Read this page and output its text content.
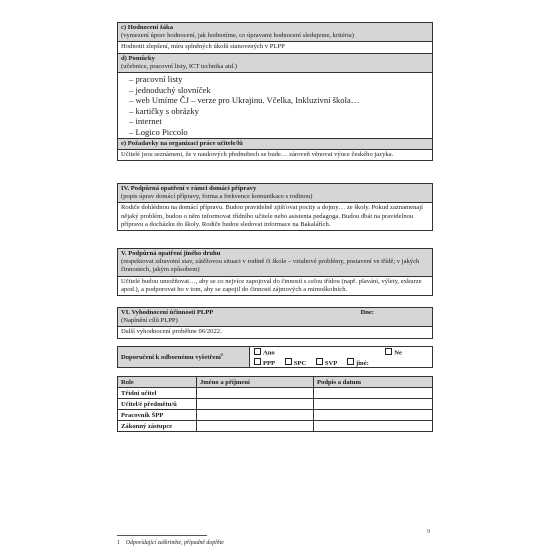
c) Hodnocení žáka
(vymezení úprav hodnocení, jak hodnotíme, co úpravami hodnocení sledujeme, kritéria)
Hodnotit zlepšení, míru splněných úkolů stanovených v PLPP
d) Pomůcky
(učebnice, pracovní listy, ICT technika atd.)
– pracovní listy
– jednoduchý slovníček
– web Umíme ČJ – verze pro Ukrajinu. Včelka, Inkluzivní škola…
– kartičky s obrázky
– internet
– Logico Piccolo
e) Požadavky na organizaci práce učitele/lů
Učitelé jsou seznámeni, že v naukových předmětech se bude… zároveň věnovat výuce českého jazyka.
IV. Podpůrná opatření v rámci domácí přípravy
(popis úprav domácí přípravy, forma a frekvence komunikace s rodinou)
Rodiče dohlédnou na domácí přípravu. Budou pravidelně zjišťovat pocity a dojmy… ze školy. Pokud zaznamenají nějaký problém, budou o něm informovat třídního učitele nebo asistenta pedagoga. Budou dbát na pravidelnou přípravu a docházku do školy. Rodiče budou sledovat informace na Bakalářích.
V. Podpůrná opatření jiného druhu
(respektovat zdravotní stav, zátěžovou situaci v rodině či škole – vztahové problémy, postavení ve třídě; v jakých činnostech, jakým způsobem)
Učitelé budou umožňovat…, aby se co nejvíce zapojoval do činností s celou třídou (např. plavání, výlety, exkurze apod.), a podporovat ho v tom, aby se zapojil do činností zájmových a mimoškolních.
VI. Vyhodnocení účinnosti PLPP	Dne:
(Naplnění cílů PLPP)
Další vyhodnocení proběhne 06/2022.
Doporučení k odbornému vyšetření$^1$	Ano	Ne
PPP	SPC	SVP	jiné:
Role	Jméno a příjmení	Podpis a datum
Třídní učitel		
Učitel/é předmětu/ů		
Pracovník ŠPP		
Zákonný zástupce		
1 Odpovídající zaškrtněte, případně doplňte
9
